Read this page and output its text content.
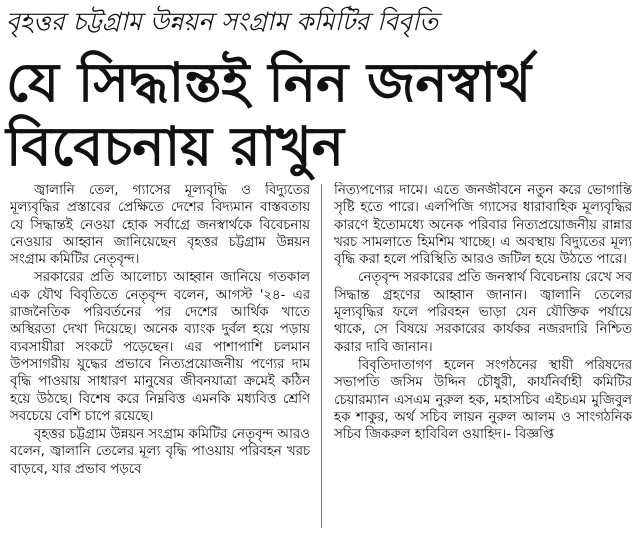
বৃহত্তর চট্টগ্রাম উন্নয়ন সংগ্রাম কমিটির বিবৃতি
যে সিদ্ধান্তই নিন জনস্বার্থ
বিবেচনায় রাখুন

জ্বালানি তেল, গ্যাসের মূল্যবৃদ্ধি ও বিদ্যুতের মূল্যবৃদ্ধির প্রস্তাবের প্রেক্ষিতে দেশের বিদ্যমান বাস্তবতায় যে সিদ্ধান্তই নেওয়া হোক সর্বাগ্রে জনস্বার্থকে বিবেচনায় নেওয়ার আহ্বান জানিয়েছেন বৃহত্তর চট্টগ্রাম উন্নয়ন সংগ্রাম কমিটির নেতৃবৃন্দ।

সরকারের প্রতি আলোচ্য আহ্বান জানিয়ে গতকাল এক যৌথ বিবৃতিতে নেতৃবৃন্দ বলেন, আগস্ট '২৪- এর রাজনৈতিক পরিবর্তনের পর দেশের আর্থিক খাতে অস্থিরতা দেখা দিয়েছে। অনেক ব্যাংক দুর্বল হয়ে পড়ায় ব্যবসায়ীরা সংকটে পড়েছেন। এর পাশাপাশি চলমান উপসাগরীয় যুদ্ধের প্রভাবে নিত্যপ্রয়োজনীয় পণ্যের দাম বৃদ্ধি পাওয়ায় সাধারণ মানুষের জীবনযাত্রা ক্রমেই কঠিন হয়ে উঠছে। বিশেষ করে নিম্নবিত্ত এমনকি মধ্যবিত্ত শ্রেণি সবচেয়ে বেশি চাপে রয়েছে।

বৃহত্তর চট্টগ্রাম উন্নয়ন সংগ্রাম কমিটির নেতৃবৃন্দ আরও বলেন, জ্বালানি তেলের মূল্য বৃদ্ধি পাওয়ায় পরিবহন খরচ বাড়বে, যার প্রভাব পড়বে

নিত্যপণ্যের দামে। এতে জনজীবনে নতুন করে ভোগান্তি সৃষ্টি হতে পারে। এলপিজি গ্যাসের ধারাবাহিক মূল্যবৃদ্ধির কারণে ইতোমধ্যে অনেক পরিবার নিত্যপ্রয়োজনীয় রান্নার খরচ সামলাতে হিমশিম খাচ্ছে। এ অবস্থায় বিদ্যুতের মূল্য বৃদ্ধি করা হলে পরিস্থিতি আরও জটিল হয়ে উঠতে পারে।

নেতৃবৃন্দ সরকারের প্রতি জনস্বার্থ বিবেচনায় রেখে সব সিদ্ধান্ত গ্রহণের আহ্বান জানান। জ্বালানি তেলের মূল্যবৃদ্ধির ফলে পরিবহন ভাড়া যেন যৌক্তিক পর্যায়ে থাকে, সে বিষয়ে সরকারের কার্যকর নজরদারি নিশ্চিত করার দাবি জানান।

বিবৃতিদাতাগণ হলেন সংগঠনের স্থায়ী পরিষদের সভাপতি জসিম উদ্দিন চৌধুরী, কার্যনির্বাহী কমিটির চেয়ারম্যান এসএম নুরুল হক, মহাসচিব এইচএম মুজিবুল হক শাকুর, অর্থ সচিব লায়ন নুরুল আলম ও সাংগঠনিক সচিব জিকরুল হাবিবিল ওয়াহিদ।- বিজ্ঞপ্তি
